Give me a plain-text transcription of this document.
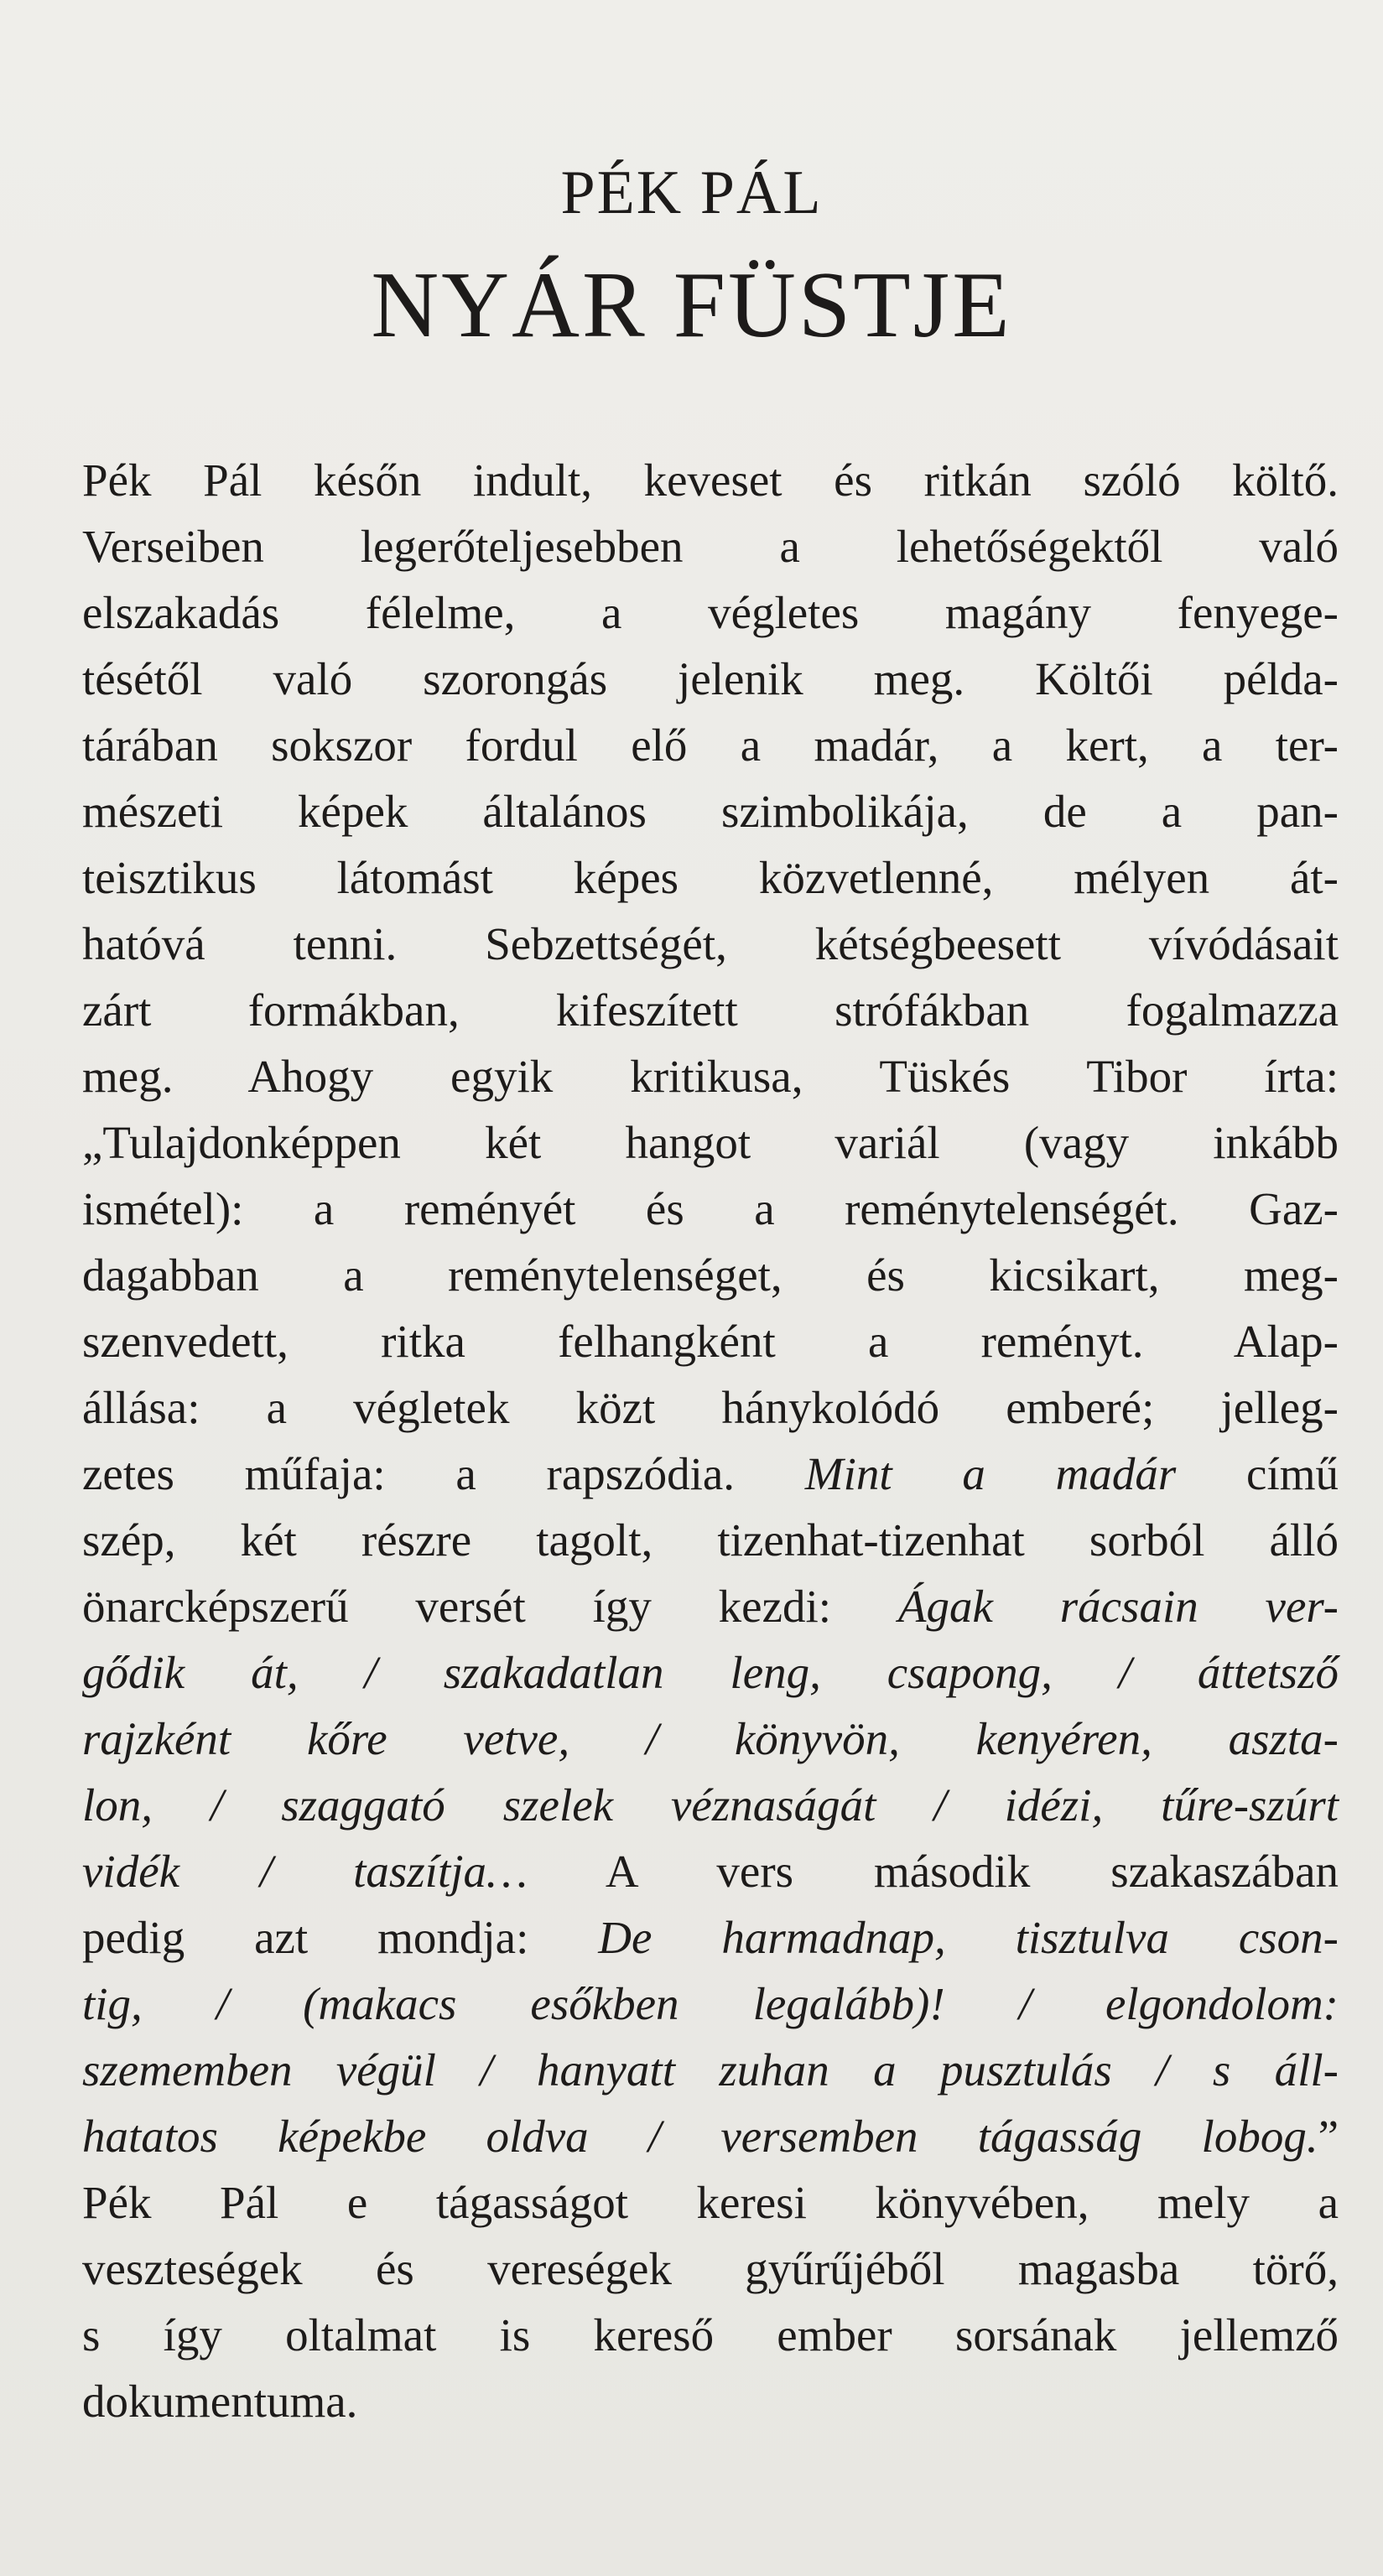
PÉK PÁL
NYÁR FÜSTJE
Pék Pál későn indult, keveset és ritkán szóló költő.
Verseiben legerőteljesebben a lehetőségektől való
elszakadás félelme, a végletes magány fenyege-
tésétől való szorongás jelenik meg. Költői példa-
tárában sokszor fordul elő a madár, a kert, a ter-
mészeti képek általános szimbolikája, de a pan-
teisztikus látomást képes közvetlenné, mélyen át-
hatóvá tenni. Sebzettségét, kétségbeesett vívódásait
zárt formákban, kifeszített strófákban fogalmazza
meg. Ahogy egyik kritikusa, Tüskés Tibor írta:
„Tulajdonképpen két hangot variál (vagy inkább
ismétel): a reményét és a reménytelenségét. Gaz-
dagabban a reménytelenséget, és kicsikart, meg-
szenvedett, ritka felhangként a reményt. Alap-
állása: a végletek közt hánykolódó emberé; jelleg-
zetes műfaja: a rapszódia. Mint a madár című
szép, két részre tagolt, tizenhat-tizenhat sorból álló
önarcképszerű versét így kezdi: Ágak rácsain ver-
gődik át, / szakadatlan leng, csapong, / áttetsző
rajzként kőre vetve, / könyvön, kenyéren, aszta-
lon, / szaggató szelek véznaságát / idézi, tűre-szúrt
vidék / taszítja… A vers második szakaszában
pedig azt mondja: De harmadnap, tisztulva cson-
tig, / (makacs esőkben legalább)! / elgondolom:
szememben végül / hanyatt zuhan a pusztulás / s áll-
hatatos képekbe oldva / versemben tágasság lobog.”
Pék Pál e tágasságot keresi könyvében, mely a
veszteségek és vereségek gyűrűjéből magasba törő,
s így oltalmat is kereső ember sorsának jellemző
dokumentuma.
